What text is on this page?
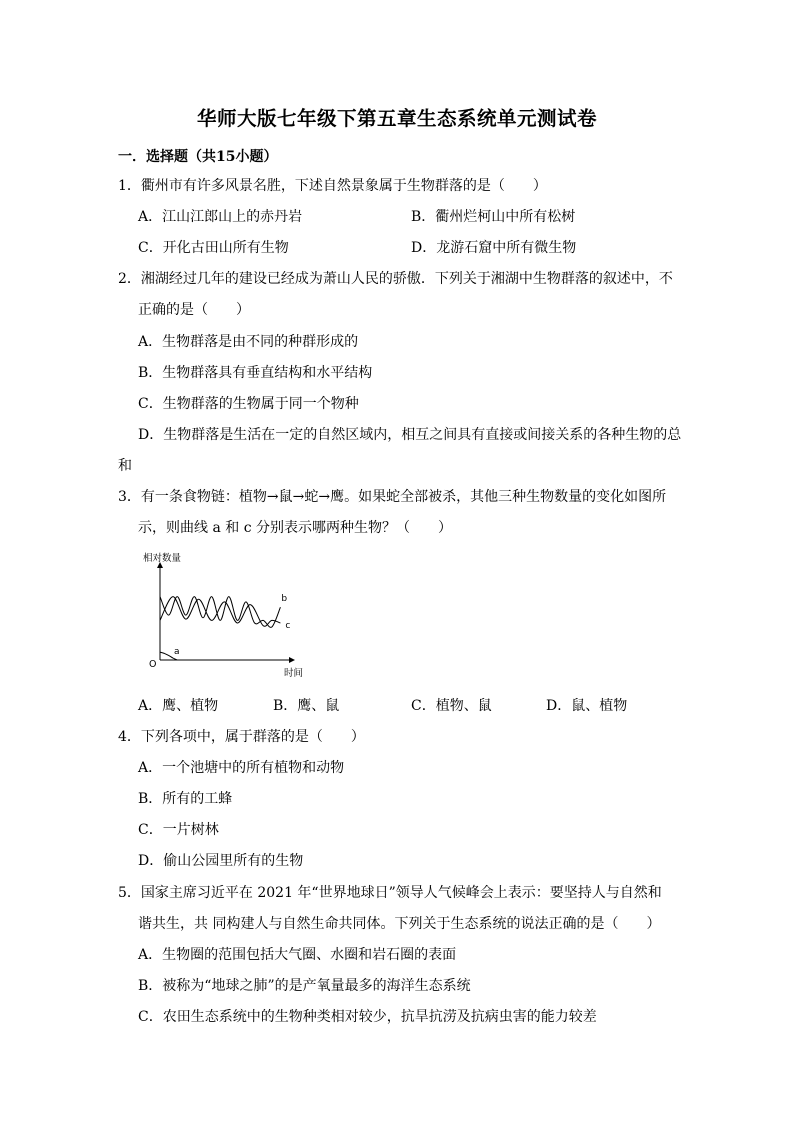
华师大版七年级下第五章生态系统单元测试卷
一．选择题（共15小题）
1．衢州市有许多风景名胜，下述自然景象属于生物群落的是（　　）
A．江山江郎山上的赤丹岩	B．衢州烂柯山中所有松树
C．开化古田山所有生物	D．龙游石窟中所有微生物
2．湘湖经过几年的建设已经成为萧山人民的骄傲．下列关于湘湖中生物群落的叙述中，不
正确的是（　　）
A．生物群落是由不同的种群形成的
B．生物群落具有垂直结构和水平结构
C．生物群落的生物属于同一个物种
D．生物群落是生活在一定的自然区域内，相互之间具有直接或间接关系的各种生物的总
和
3．有一条食物链：植物→鼠→蛇→鹰。如果蛇全部被杀，其他三种生物数量的变化如图所
示，则曲线 a 和 c 分别表示哪两种生物？（　　）
相对数量
时间
O
a
b
c
A．鹰、植物	B．鹰、鼠	C．植物、鼠	D．鼠、植物
4．下列各项中，属于群落的是（　　）
A．一个池塘中的所有植物和动物
B．所有的工蜂
C．一片树林
D．偷山公园里所有的生物
5．国家主席习近平在 2021 年“世界地球日”领导人气候峰会上表示：要坚持人与自然和
谐共生，共 同构建人与自然生命共同体。下列关于生态系统的说法正确的是（　　）
A．生物圈的范围包括大气圈、水圈和岩石圈的表面
B．被称为“地球之肺”的是产氧量最多的海洋生态系统
C．农田生态系统中的生物种类相对较少，抗旱抗涝及抗病虫害的能力较差
